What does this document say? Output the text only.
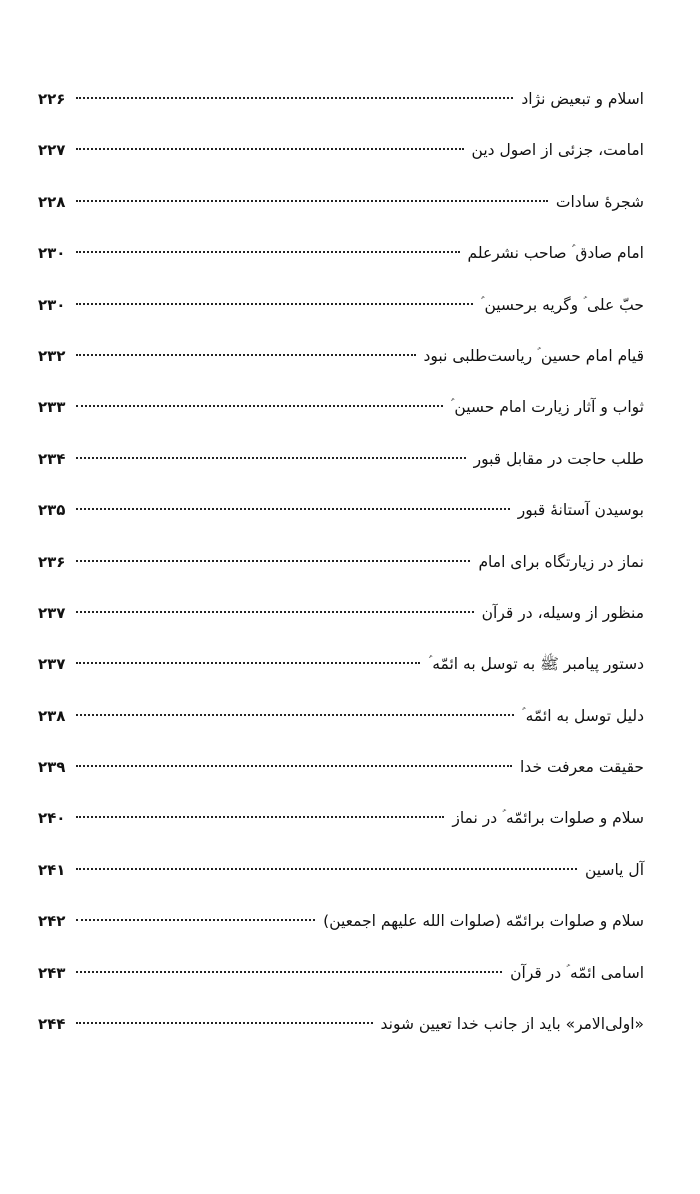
اسلام و تبعیض نژاد
۲۲۶
امامت، جزئی از اصول دین
۲۲۷
شجرۀ سادات
۲۲۸
امام صادق ؑ صاحب نشرعلم
۲۳۰
حبّ علی ؑ وگریه برحسین ؑ
۲۳۰
قیام امام حسین ؑ ریاست‌طلبی نبود
۲۳۲
ثواب و آثار زیارت امام حسین ؑ
۲۳۳
طلب حاجت در مقابل قبور
۲۳۴
بوسیدن آستانۀ قبور
۲۳۵
نماز در زیارتگاه برای امام
۲۳۶
منظور از وسیله، در قرآن
۲۳۷
دستور پیامبر ﷺ به توسل به ائمّه ؑ
۲۳۷
دلیل توسل به ائمّه ؑ
۲۳۸
حقیقت معرفت خدا
۲۳۹
سلام و صلوات برائمّه ؑ در نماز
۲۴۰
آل یاسین
۲۴۱
سلام و صلوات برائمّه (صلوات الله علیهم اجمعین)
۲۴۲
اسامی ائمّه ؑ در قرآن
۲۴۳
«اولی‌الامر» باید از جانب خدا تعیین شوند
۲۴۴
